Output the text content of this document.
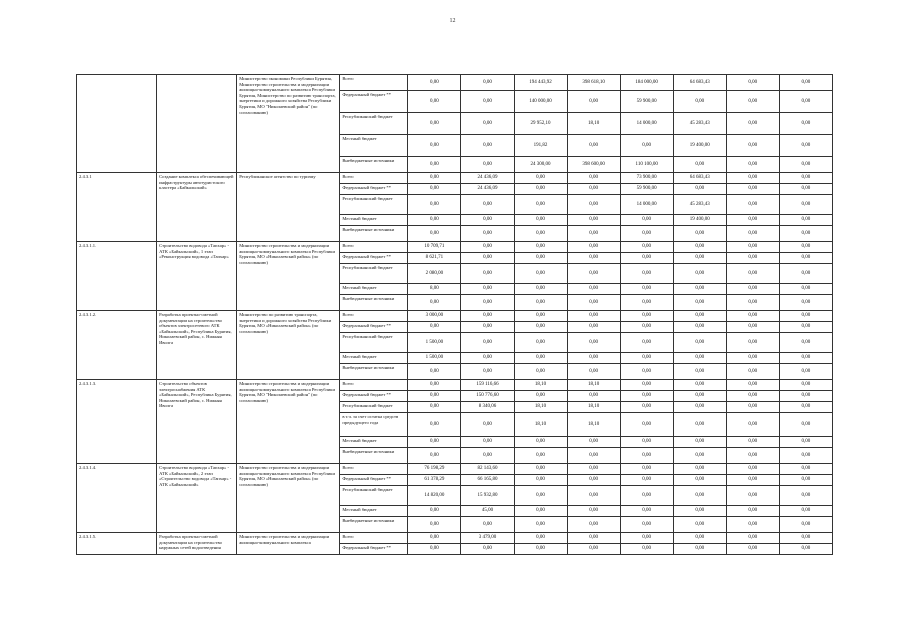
12
		Министерство экономики Республики Бурятия, Министерство строительства и модернизации жилищно-коммунального комплекса Республики Бурятия, Министерство по развитию транспорта, энергетики и дорожного хозяйства Республики Бурятия, МО "Николаевский район" (по согласованию)	Всего	0,00	0,00	194 443,92	398 618,10	184 000,00	64 683,43	0,00	0,00
			Федеральный бюджет **	0,00	0,00	140 000,00	0,00	59 900,00	0,00	0,00	0,00
			Республиканский бюджет	0,00	0,00	29 952,10	18,10	14 000,00	45 283,43	0,00	0,00
			Местный бюджет	0,00	0,00	191,82	0,00	0,00	19 400,00	0,00	0,00
			Внебюджетные источники	0,00	0,00	24 300,00	398 600,00	110 100,00	0,00	0,00	0,00
2.4.3.1	Создание комплекса обеспечивающей инфраструктуры автотуристского кластера «Байкальский»	Республиканское агентство по туризму	Всего	0,00	24 436,09	0,00	0,00	73 900,00	64 683,43	0,00	0,00
			Федеральный бюджет **	0,00	24 436,09	0,00	0,00	59 900,00	0,00	0,00	0,00
			Республиканский бюджет	0,00	0,00	0,00	0,00	14 000,00	45 283,43	0,00	0,00
			Местный бюджет	0,00	0,00	0,00	0,00	0,00	19 400,00	0,00	0,00
			Внебюджетные источники	0,00	0,00	0,00	0,00	0,00	0,00	0,00	0,00
2.4.3.1.1.	Строительство водовода «Тапхар» - АТК «Байкальский», 1 этап «Реконструкция водовода «Тапхар»	Министерство строительства и модернизации жилищно-коммунального комплекса Республики Бурятия, МО «Николаевский район» (по согласованию)	Всего	10 709,71	0,00	0,00	0,00	0,00	0,00	0,00	0,00
			Федеральный бюджет **	8 621,71	0,00	0,00	0,00	0,00	0,00	0,00	0,00
			Республиканский бюджет	2 080,00	0,00	0,00	0,00	0,00	0,00	0,00	0,00
			Местный бюджет	8,00	0,00	0,00	0,00	0,00	0,00	0,00	0,00
			Внебюджетные источники	0,00	0,00	0,00	0,00	0,00	0,00	0,00	0,00
2.4.3.1.2.	Разработка проектно-сметной документации на строительство объектов электросетевого АТК «Байкальский», Республика Бурятия, Николаевский район, с. Нижняя Иволга	Министерство по развитию транспорта, энергетики и дорожного хозяйства Республики Бурятия, МО «Николаевский район» (по согласованию)	Всего	3 000,00	0,00	0,00	0,00	0,00	0,00	0,00	0,00
			Федеральный бюджет **	0,00	0,00	0,00	0,00	0,00	0,00	0,00	0,00
			Республиканский бюджет	1 500,00	0,00	0,00	0,00	0,00	0,00	0,00	0,00
			Местный бюджет	1 500,00	0,00	0,00	0,00	0,00	0,00	0,00	0,00
			Внебюджетные источники	0,00	0,00	0,00	0,00	0,00	0,00	0,00	0,00
2.4.3.1.3.	Строительство объектов электроснабжения АТК «Байкальский», Республика Бурятия, Николаевский район, с. Нижняя Иволга	Министерство строительства и модернизации жилищно-коммунального комплекса Республики Бурятия, МО "Николаевский район" (по согласованию)	Всего	0,00	159 116,66	18,10	18,10	0,00	0,00	0,00	0,00
			Федеральный бюджет **	0,00	150 776,60	0,00	0,00	0,00	0,00	0,00	0,00
			Республиканский бюджет	0,00	8 340,06	18,10	18,10	0,00	0,00	0,00	0,00
			в т.ч. за счет остатка средств предыдущего года	0,00	0,00	18,10	18,10	0,00	0,00	0,00	0,00
			Местный бюджет	0,00	0,00	0,00	0,00	0,00	0,00	0,00	0,00
			Внебюджетные источники	0,00	0,00	0,00	0,00	0,00	0,00	0,00	0,00
2.4.3.1.4.	Строительство водовода «Тапхар» - АТК «Байкальский», 2 этап «Строительство водовода «Тапхар» - АТК «Байкальский»	Министерство строительства и модернизации жилищно-коммунального комплекса Республики Бурятия, МО «Николаевский район» (по согласованию)	Всего	76 198,29	82 143,60	0,00	0,00	0,00	0,00	0,00	0,00
			Федеральный бюджет **	61 378,29	66 165,80	0,00	0,00	0,00	0,00	0,00	0,00
			Республиканский бюджет	14 820,00	15 932,80	0,00	0,00	0,00	0,00	0,00	0,00
			Местный бюджет	0,00	45,00	0,00	0,00	0,00	0,00	0,00	0,00
			Внебюджетные источники	0,00	0,00	0,00	0,00	0,00	0,00	0,00	0,00
2.4.3.1.5.	Разработка проектно-сметной документации на строительство наружных сетей водоотведения	Министерство строительства и модернизации жилищно-коммунального комплекса	Всего	0,00	3 479,00	0,00	0,00	0,00	0,00	0,00	0,00
			Федеральный бюджет **	0,00	0,00	0,00	0,00	0,00	0,00	0,00	0,00
